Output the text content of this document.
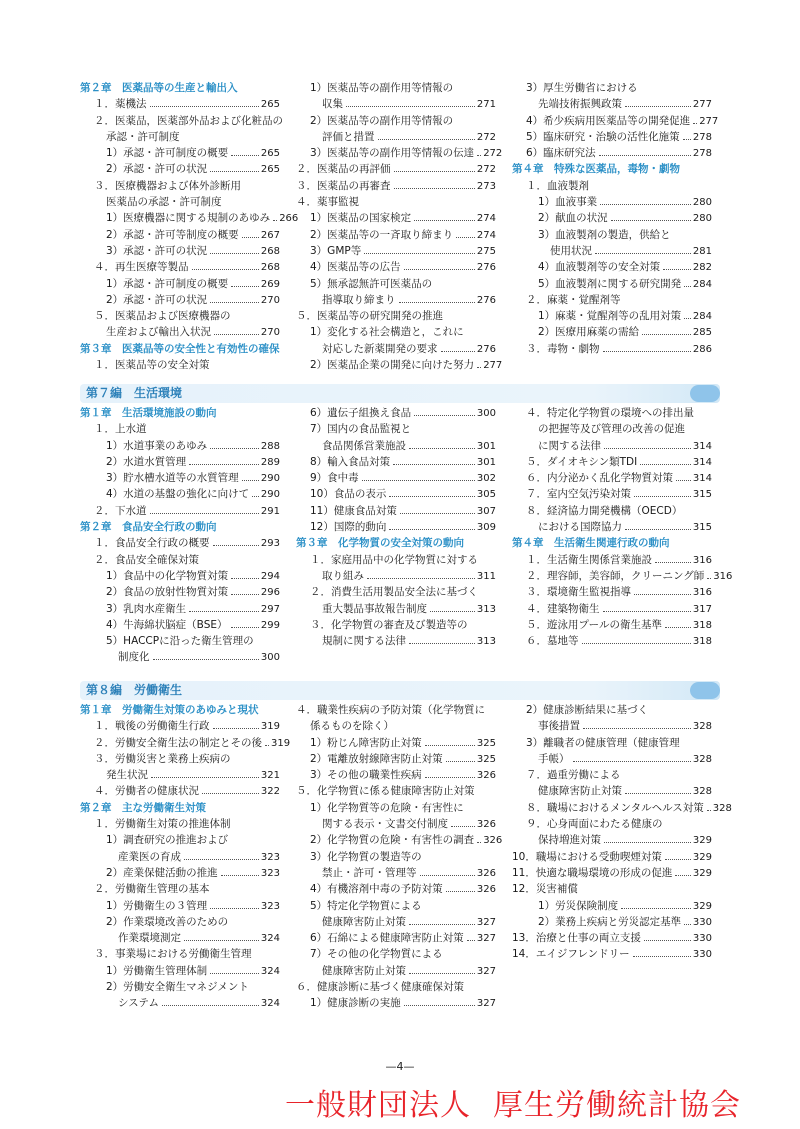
第２章　医薬品等の生産と輸出入
１．薬機法	265
２．医薬品，医薬部外品および化粧品の
承認・許可制度
1）承認・許可制度の概要	265
2）承認・許可の状況	265
３．医療機器および体外診断用
医薬品の承認・許可制度
1）医療機器に関する規制のあゆみ 266
2）承認・許可等制度の概要 267
3）承認・許可の状況	268
４．再生医療等製品	268
1）承認・許可制度の概要	269
2）承認・許可の状況	270
５．医薬品および医療機器の
生産および輸出入状況	270
第３章　医薬品等の安全性と有効性の確保
１．医薬品等の安全対策
1）医薬品等の副作用等情報の
収集	271
2）医薬品等の副作用等情報の
評価と措置	272
3）医薬品等の副作用等情報の伝達 272
２．医薬品の再評価	272
３．医薬品の再審査	273
４．薬事監視
1）医薬品の国家検定	274
2）医薬品等の一斉取り締まり 274
3）GMP等	275
4）医薬品等の広告	276
5）無承認無許可医薬品の
指導取り締まり	276
５．医薬品等の研究開発の推進
1）変化する社会構造と，これに
対応した新薬開発の要求	276
2）医薬品企業の開発に向けた努力 277
3）厚生労働省における
先端技術振興政策	277
4）希少疾病用医薬品等の開発促進 277
5）臨床研究・治験の活性化施策 278
6）臨床研究法	278
第４章　特殊な医薬品，毒物・劇物
１．血液製剤
1）血液事業	280
2）献血の状況	280
3）血液製剤の製造，供給と
使用状況	281
4）血液製剤等の安全対策	282
5）血液製剤に関する研究開発 284
２．麻薬・覚醒剤等
1）麻薬・覚醒剤等の乱用対策 284
2）医療用麻薬の需給	285
３．毒物・劇物	286
第７編　生活環境
第１章　生活環境施設の動向
１．上水道
1）水道事業のあゆみ	288
2）水道水質管理	289
3）貯水槽水道等の水質管理 290
4）水道の基盤の強化に向けて 290
２．下水道	291
第２章　食品安全行政の動向
１．食品安全行政の概要	293
２．食品安全確保対策
1）食品中の化学物質対策	294
2）食品の放射性物質対策	296
3）乳肉水産衛生	297
4）牛海綿状脳症（BSE）	299
5）HACCPに沿った衛生管理の
制度化	300
6）遺伝子組換え食品	300
7）国内の食品監視と
食品関係営業施設	301
8）輸入食品対策	301
9）食中毒	302
10）食品の表示	305
11）健康食品対策	307
12）国際的動向	309
第３章　化学物質の安全対策の動向
１．家庭用品中の化学物質に対する
取り組み	311
２．消費生活用製品安全法に基づく
重大製品事故報告制度	313
３．化学物質の審査及び製造等の
規制に関する法律	313
４．特定化学物質の環境への排出量
の把握等及び管理の改善の促進
に関する法律	314
５．ダイオキシン類TDI	314
６．内分泌かく乱化学物質対策 314
７．室内空気汚染対策	315
８．経済協力開発機構（OECD）
における国際協力	315
第４章　生活衛生関連行政の動向
１．生活衛生関係営業施設	316
２．理容師，美容師，クリーニング師 316
３．環境衛生監視指導	316
４．建築物衛生	317
５．遊泳用プールの衛生基準	318
６．墓地等	318
第８編　労働衛生
第１章　労働衛生対策のあゆみと現状
１．戦後の労働衛生行政	319
２．労働安全衛生法の制定とその後 319
３．労働災害と業務上疾病の
発生状況	321
４．労働者の健康状況	322
第２章　主な労働衛生対策
１．労働衛生対策の推進体制
1）調査研究の推進および
産業医の育成	323
2）産業保健活動の推進	323
２．労働衛生管理の基本
1）労働衛生の３管理	323
2）作業環境改善のための
作業環境測定	324
３．事業場における労働衛生管理
1）労働衛生管理体制	324
2）労働安全衛生マネジメント
システム	324
４．職業性疾病の予防対策（化学物質に
係るものを除く）
1）粉じん障害防止対策	325
2）電離放射線障害防止対策	325
3）その他の職業性疾病	326
５．化学物質に係る健康障害防止対策
1）化学物質等の危険・有害性に
関する表示・文書交付制度	326
2）化学物質の危険・有害性の調査 326
3）化学物質の製造等の
禁止・許可・管理等	326
4）有機溶剤中毒の予防対策	326
5）特定化学物質による
健康障害防止対策	327
6）石綿による健康障害防止対策 327
7）その他の化学物質による
健康障害防止対策	327
６．健康診断に基づく健康確保対策
1）健康診断の実施	327
2）健康診断結果に基づく
事後措置	328
3）離職者の健康管理（健康管理
手帳）	328
７．過重労働による
健康障害防止対策	328
８．職場におけるメンタルヘルス対策 328
９．心身両面にわたる健康の
保持増進対策	329
10．職場における受動喫煙対策	329
11．快適な職場環境の形成の促進 329
12．災害補償
1）労災保険制度	329
2）業務上疾病と労災認定基準 330
13．治療と仕事の両立支援	330
14．エイジフレンドリー	330
—4—
一般財団法人 厚生労働統計協会
